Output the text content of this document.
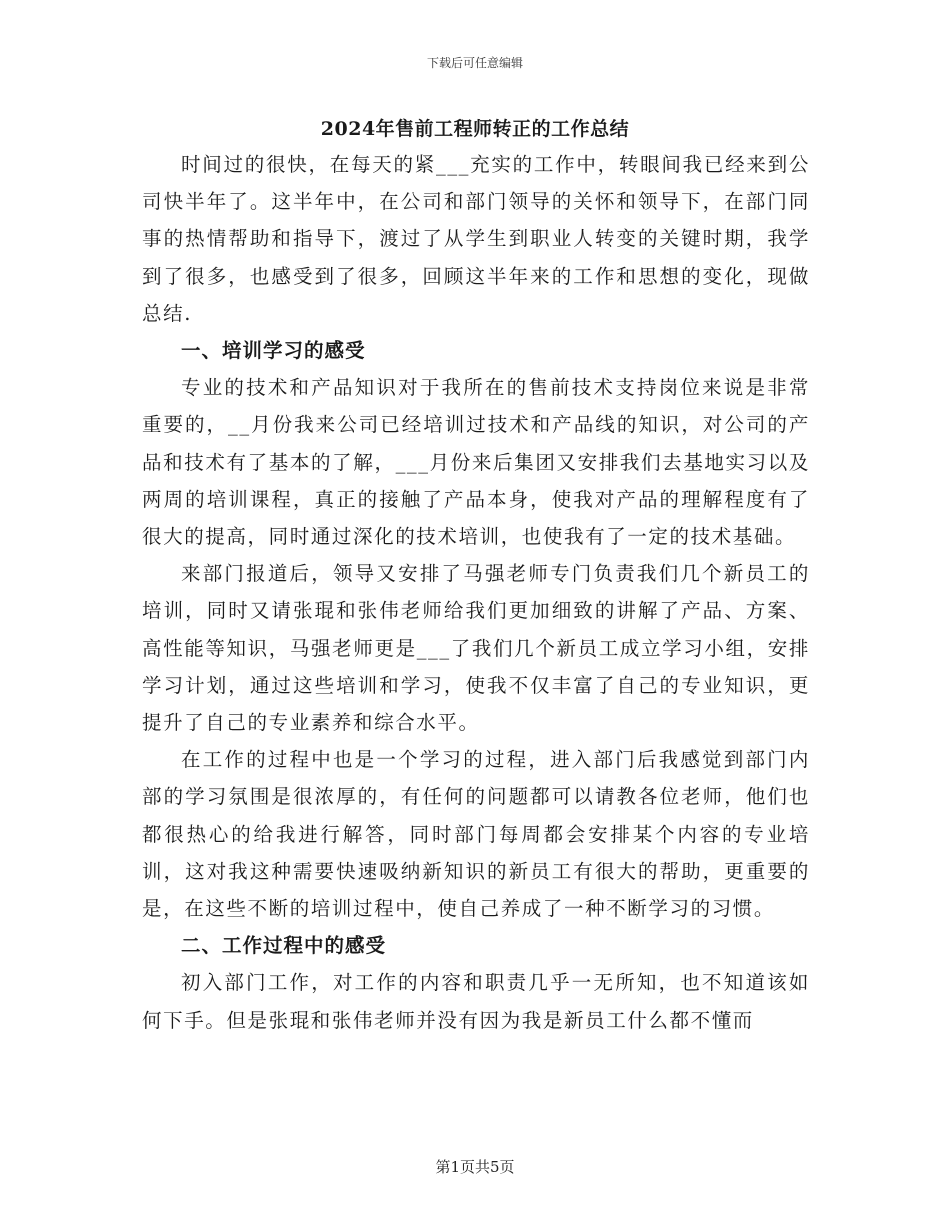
下载后可任意编辑
2024年售前工程师转正的工作总结

时间过的很快，在每天的紧___充实的工作中，转眼间我已经来到公司快半年了。这半年中，在公司和部门领导的关怀和领导下，在部门同事的热情帮助和指导下，渡过了从学生到职业人转变的关键时期，我学到了很多，也感受到了很多，回顾这半年来的工作和思想的变化，现做总结.

一、培训学习的感受

专业的技术和产品知识对于我所在的售前技术支持岗位来说是非常重要的，__月份我来公司已经培训过技术和产品线的知识，对公司的产品和技术有了基本的了解，___月份来后集团又安排我们去基地实习以及两周的培训课程，真正的接触了产品本身，使我对产品的理解程度有了很大的提高，同时通过深化的技术培训，也使我有了一定的技术基础。

来部门报道后，领导又安排了马强老师专门负责我们几个新员工的培训，同时又请张琨和张伟老师给我们更加细致的讲解了产品、方案、高性能等知识，马强老师更是___了我们几个新员工成立学习小组，安排学习计划，通过这些培训和学习，使我不仅丰富了自己的专业知识，更提升了自己的专业素养和综合水平。

在工作的过程中也是一个学习的过程，进入部门后我感觉到部门内部的学习氛围是很浓厚的，有任何的问题都可以请教各位老师，他们也都很热心的给我进行解答，同时部门每周都会安排某个内容的专业培训，这对我这种需要快速吸纳新知识的新员工有很大的帮助，更重要的是，在这些不断的培训过程中，使自己养成了一种不断学习的习惯。

二、工作过程中的感受

初入部门工作，对工作的内容和职责几乎一无所知，也不知道该如何下手。但是张琨和张伟老师并没有因为我是新员工什么都不懂而

第1页共5页
